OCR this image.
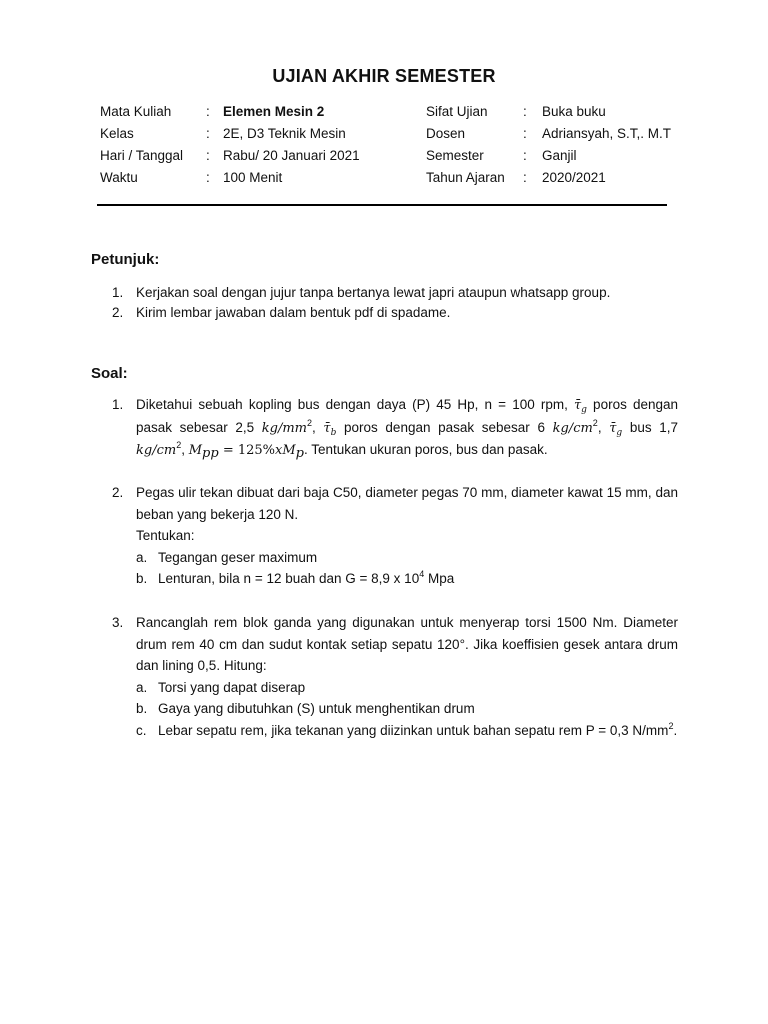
UJIAN AKHIR SEMESTER
Mata Kuliah	: Elemen Mesin 2
Kelas	: 2E, D3 Teknik Mesin
Hari / Tanggal : Rabu/ 20 Januari 2021
Waktu	: 100 Menit
Sifat Ujian	: Buka buku
Dosen	: Adriansyah, S.T,. M.T
Semester	: Ganjil
Tahun Ajaran : 2020/2021
Petunjuk:
1. Kerjakan soal dengan jujur tanpa bertanya lewat japri ataupun whatsapp group.
2. Kirim lembar jawaban dalam bentuk pdf di spadame.
Soal:
1. Diketahui sebuah kopling bus dengan daya (P) 45 Hp, n = 100 rpm, $\taū_g$ poros dengan pasak sebesar 2,5 $kg/mm^2$, $\taū_b$ poros dengan pasak sebesar 6 $kg/cm^2$, $\taū_g$ bus 1,7 $kg/cm^2$, $M_{pp} = 125\%xM_p$. Tentukan ukuran poros, bus dan pasak.
2. Pegas ulir tekan dibuat dari baja C50, diameter pegas 70 mm, diameter kawat 15 mm, dan beban yang bekerja 120 N.
Tentukan:
a. Tegangan geser maximum
b. Lenturan, bila n = 12 buah dan G = 8,9 x $10^4$ Mpa
3. Rancanglah rem blok ganda yang digunakan untuk menyerap torsi 1500 Nm. Diameter drum rem 40 cm dan sudut kontak setiap sepatu 120°. Jika koeffisien gesek antara drum dan lining 0,5. Hitung:
a. Torsi yang dapat diserap
b. Gaya yang dibutuhkan (S) untuk menghentikan drum
c. Lebar sepatu rem, jika tekanan yang diizinkan untuk bahan sepatu rem P = 0,3 $N/mm^2$.
